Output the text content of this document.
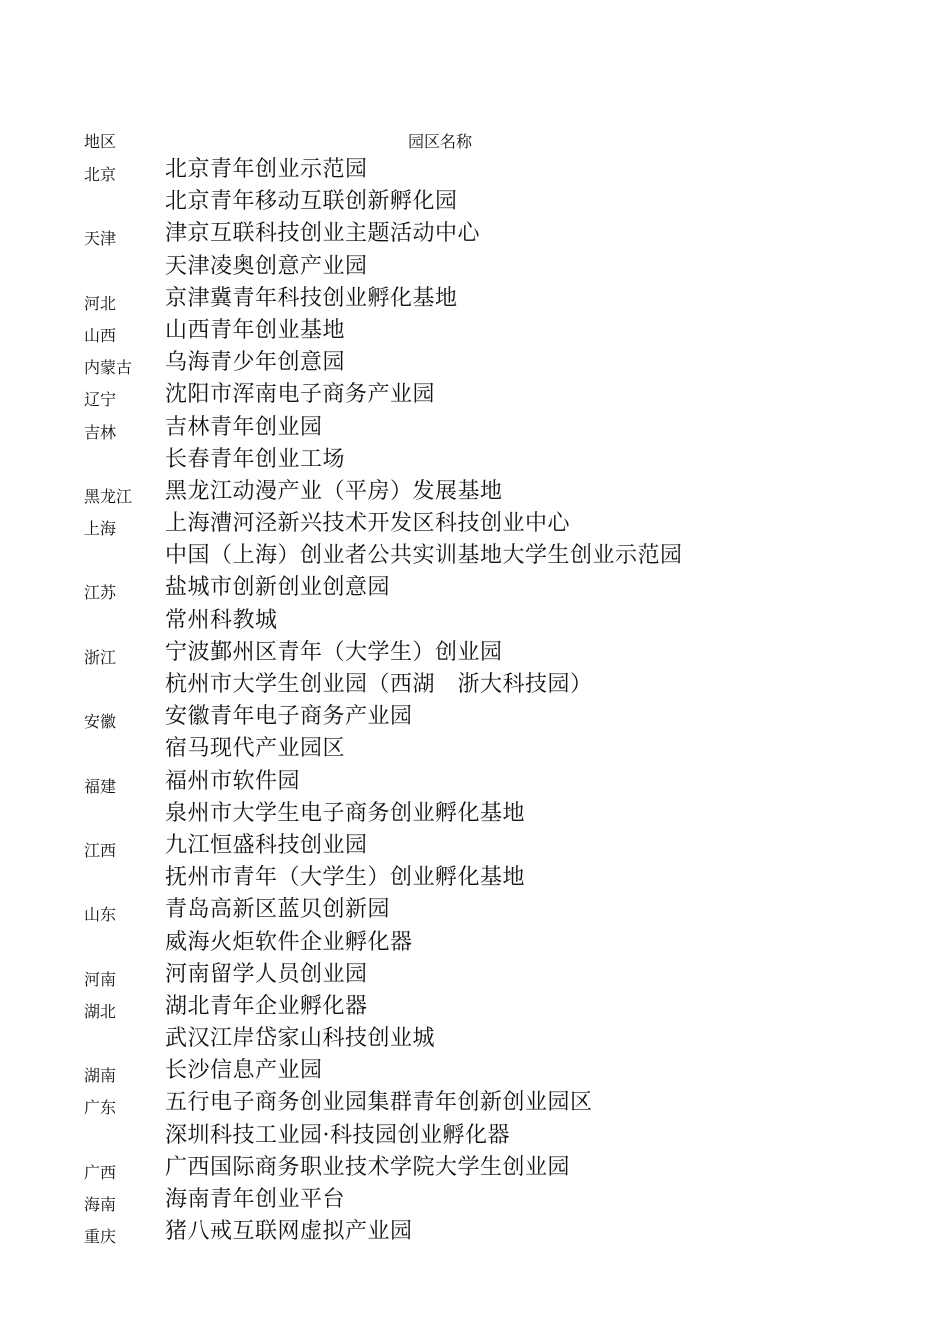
地区	园区名称
北京 北京青年创业示范园
北京青年移动互联创新孵化园
天津 津京互联科技创业主题活动中心
天津凌奥创意产业园
河北 京津冀青年科技创业孵化基地
山西 山西青年创业基地
内蒙古 乌海青少年创意园
辽宁 沈阳市浑南电子商务产业园
吉林 吉林青年创业园
长春青年创业工场
黑龙江 黑龙江动漫产业（平房）发展基地
上海 上海漕河泾新兴技术开发区科技创业中心
中国（上海）创业者公共实训基地大学生创业示范园
江苏 盐城市创新创业创意园
常州科教城
浙江 宁波鄞州区青年（大学生）创业园
杭州市大学生创业园（西湖　浙大科技园）
安徽 安徽青年电子商务产业园
宿马现代产业园区
福建 福州市软件园
泉州市大学生电子商务创业孵化基地
江西 九江恒盛科技创业园
抚州市青年（大学生）创业孵化基地
山东 青岛高新区蓝贝创新园
威海火炬软件企业孵化器
河南 河南留学人员创业园
湖北 湖北青年企业孵化器
武汉江岸岱家山科技创业城
湖南 长沙信息产业园
广东 五行电子商务创业园集群青年创新创业园区
深圳科技工业园·科技园创业孵化器
广西 广西国际商务职业技术学院大学生创业园
海南 海南青年创业平台
重庆 猪八戒互联网虚拟产业园
